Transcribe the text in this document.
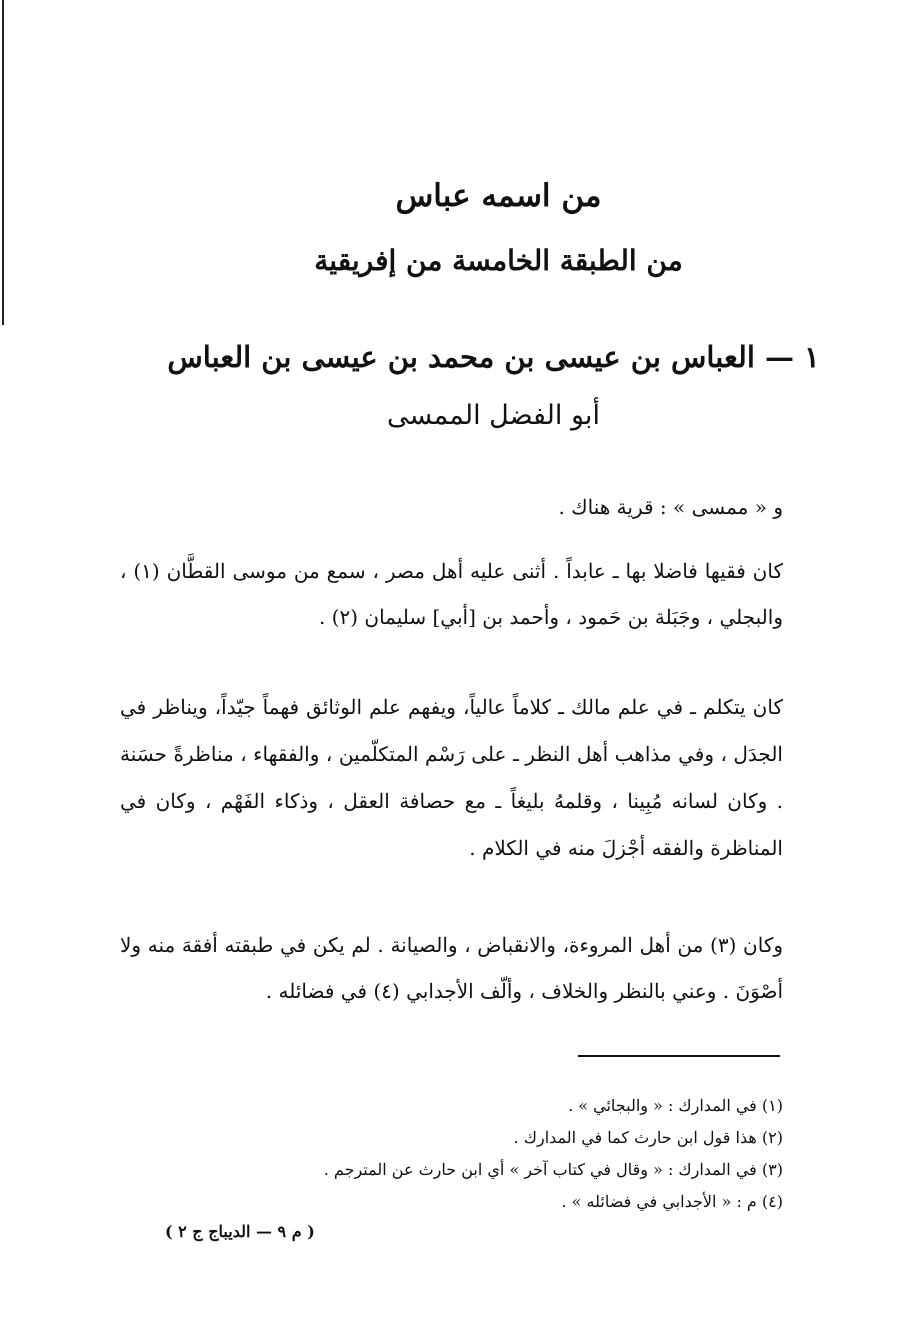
من اسمه عباس
من الطبقة الخامسة من إفريقية
١ — العباس بن عيسى بن محمد بن عيسى بن العباس
أبو الفضل الممسى

و « ممسى » : قرية هناك .

كان فقيها فاضلا بها ـ عابداً . أثنى عليه أهل مصر ، سمع من موسى القطَّان (١) ، والبجلي ، وجَبَلة بن حَمود ، وأحمد بن [أبي] سليمان (٢) .

كان يتكلم ـ في علم مالك ـ كلاماً عالياً، ويفهم علم الوثائق فهماً جيّداً، ويناظر في الجدَل ، وفي مذاهب أهل النظر ـ على رَسْم المتكلّمين ، والفقهاء ، مناظرةً حسَنة . وكان لسانه مُبِينا ، وقلمهُ بليغاً ـ مع حصافة العقل ، وذكاء الفَهْم ، وكان في المناظرة والفقه أجْزلَ منه في الكلام .

وكان (٣) من أهل المروءة، والانقباض ، والصيانة . لم يكن في طبقته أفقهَ منه ولا أصْوَنَ . وعني بالنظر والخلاف ، وألّف الأجدابي (٤) في فضائله .

(١) في المدارك : « والبجائي » .
(٢) هذا قول ابن حارث كما في المدارك .
(٣) في المدارك : « وقال في كتاب آخر » أي ابن حارث عن المترجم .
(٤) م : « الأجدابي في فضائله » .
( م ٩ — الديباج ج ٢ )
